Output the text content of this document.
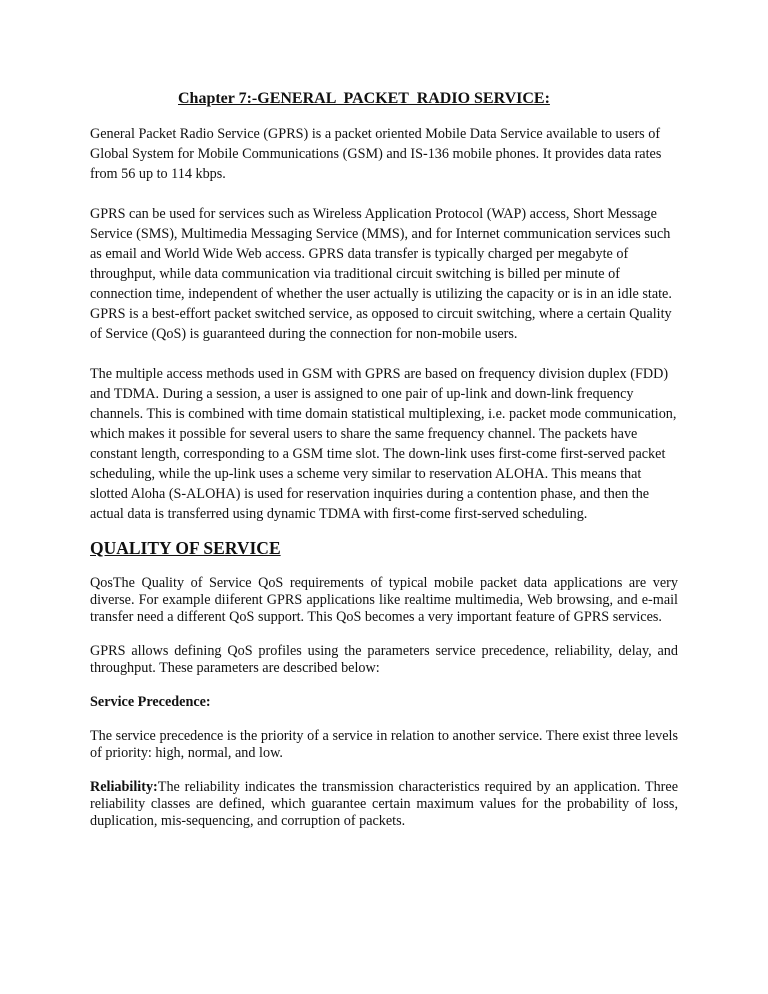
Chapter 7:-GENERAL  PACKET  RADIO SERVICE:

General Packet Radio Service (GPRS) is a packet oriented Mobile Data Service available to users of Global System for Mobile Communications (GSM) and IS-136 mobile phones. It provides data rates from 56 up to 114 kbps.

GPRS can be used for services such as Wireless Application Protocol (WAP) access, Short Message Service (SMS), Multimedia Messaging Service (MMS), and for Internet communication services such as email and World Wide Web access. GPRS data transfer is typically charged per megabyte of throughput, while data communication via traditional circuit switching is billed per minute of connection time, independent of whether the user actually is utilizing the capacity or is in an idle state. GPRS is a best-effort packet switched service, as opposed to circuit switching, where a certain Quality of Service (QoS) is guaranteed during the connection for non-mobile users.

The multiple access methods used in GSM with GPRS are based on frequency division duplex (FDD) and TDMA. During a session, a user is assigned to one pair of up-link and down-link frequency channels. This is combined with time domain statistical multiplexing, i.e. packet mode communication, which makes it possible for several users to share the same frequency channel. The packets have constant length, corresponding to a GSM time slot. The down-link uses first-come first-served packet scheduling, while the up-link uses a scheme very similar to reservation ALOHA. This means that slotted Aloha (S-ALOHA) is used for reservation inquiries during a contention phase, and then the actual data is transferred using dynamic TDMA with first-come first-served scheduling.

QUALITY OF SERVICE

QosThe Quality of Service QoS requirements of typical mobile packet data applications are very diverse. For example diiferent GPRS applications like realtime multimedia, Web browsing, and e-mail transfer need a different QoS support. This QoS becomes a very important feature of GPRS services.

GPRS allows defining QoS profiles using the parameters service precedence, reliability, delay, and throughput. These parameters are described below:

Service Precedence:

The service precedence is the priority of a service in relation to another service. There exist three levels of priority: high, normal, and low.

Reliability:The reliability indicates the transmission characteristics required by an application. Three reliability classes are defined, which guarantee certain maximum values for the probability of loss, duplication, mis-sequencing, and corruption of packets.
